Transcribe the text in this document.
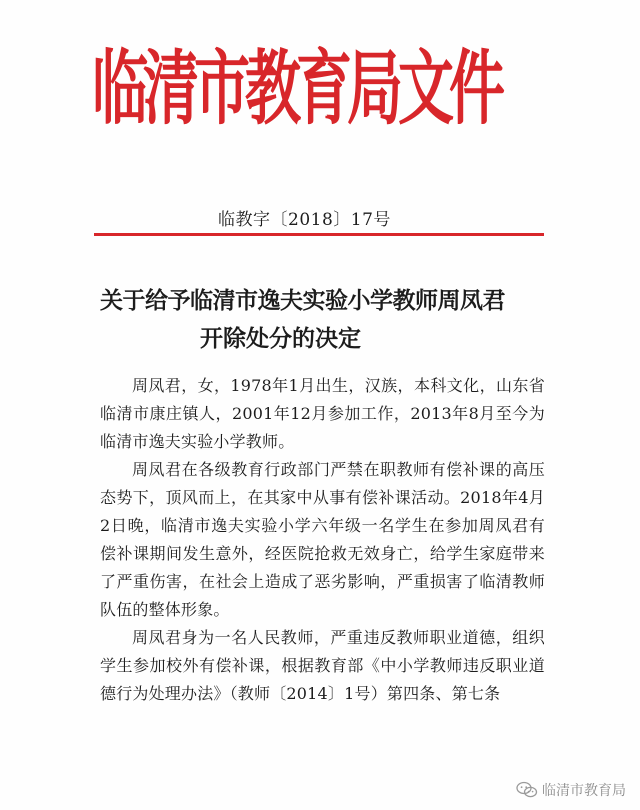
临清市教育局文件
临教字〔2018〕17号
关于给予临清市逸夫实验小学教师周凤君
开除处分的决定

周凤君，女，1978年1月出生，汉族，本科文化，山东省临清市康庄镇人，2001年12月参加工作，2013年8月至今为临清市逸夫实验小学教师。

周凤君在各级教育行政部门严禁在职教师有偿补课的高压态势下，顶风而上，在其家中从事有偿补课活动。2018年4月2日晚，临清市逸夫实验小学六年级一名学生在参加周凤君有偿补课期间发生意外，经医院抢救无效身亡，给学生家庭带来了严重伤害，在社会上造成了恶劣影响，严重损害了临清教师队伍的整体形象。

周凤君身为一名人民教师，严重违反教师职业道德，组织学生参加校外有偿补课，根据教育部《中小学教师违反职业道德行为处理办法》（教师〔2014〕1号）第四条、第七条

临清市教育局
